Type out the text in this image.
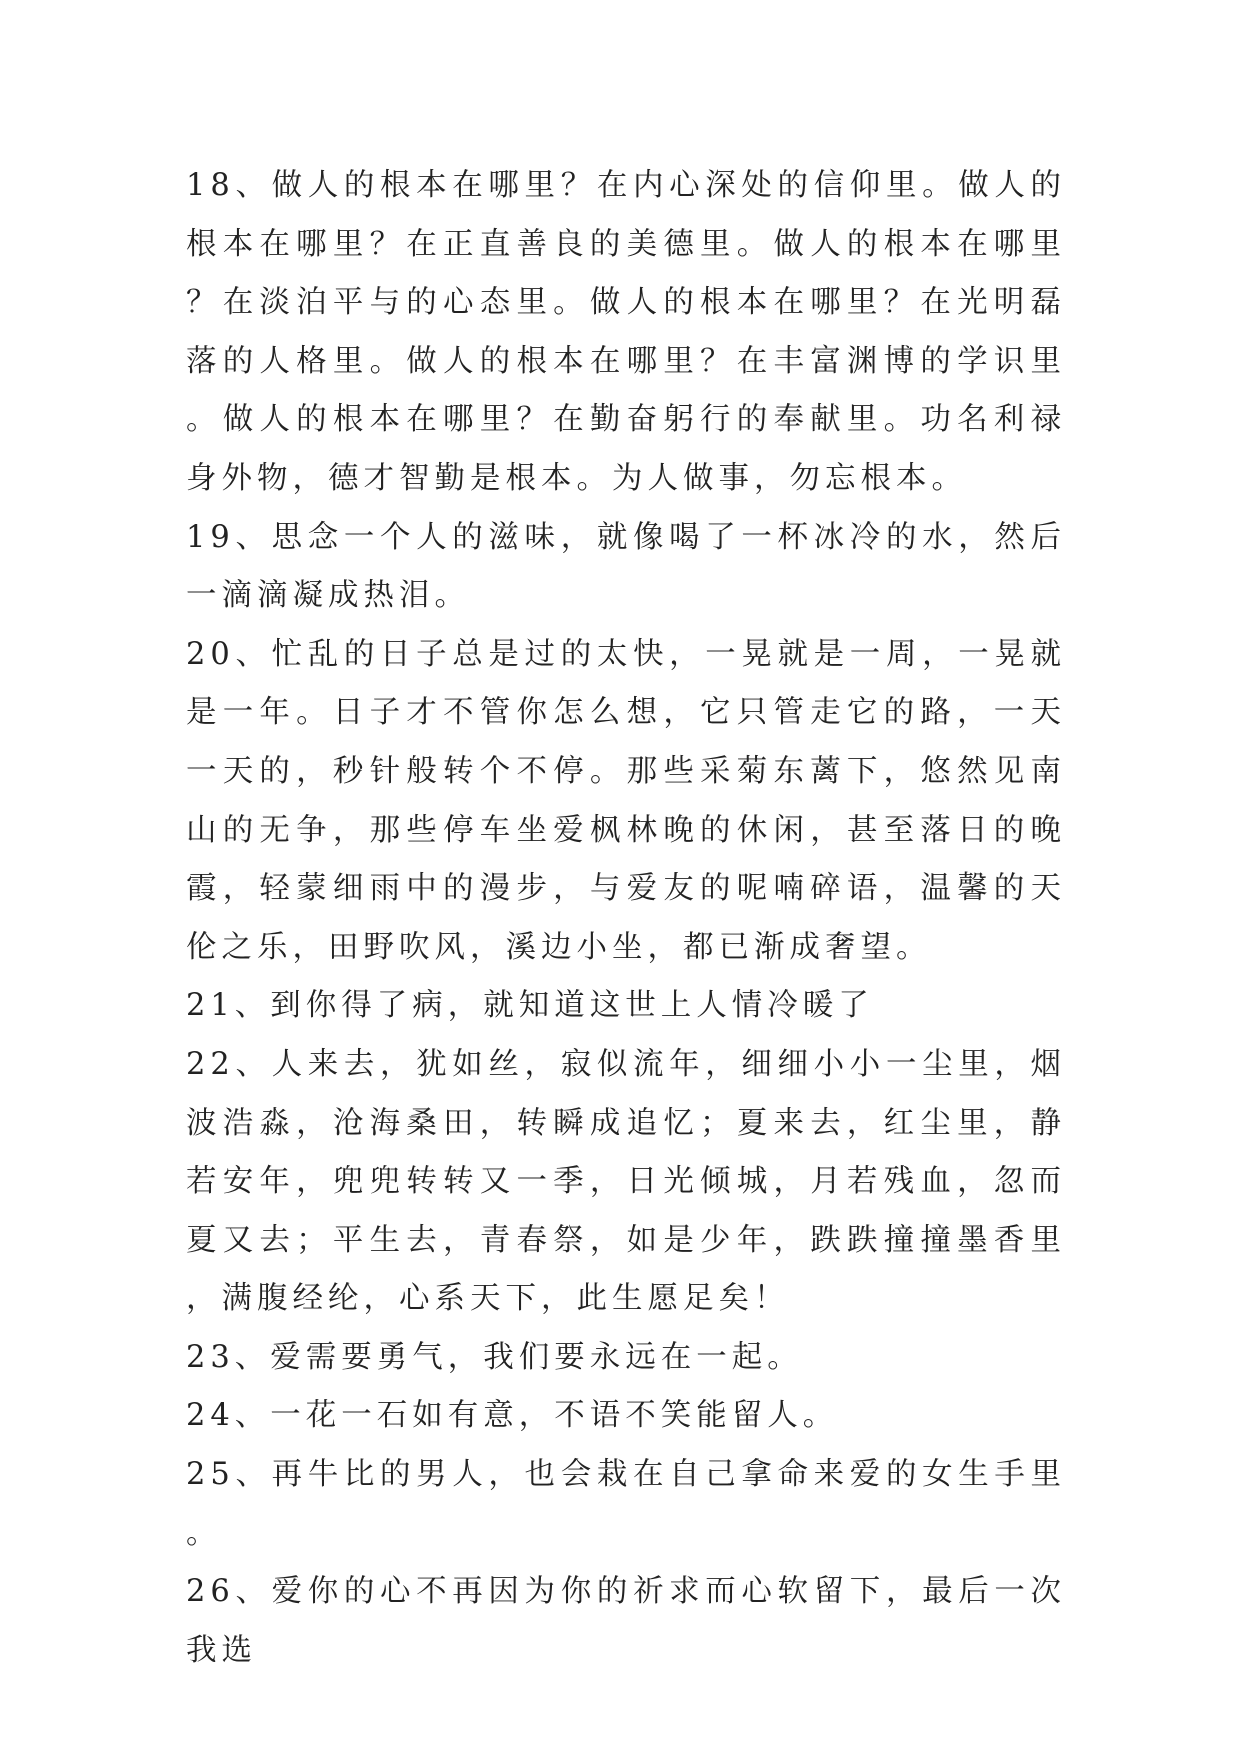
18、做人的根本在哪里？在内心深处的信仰里。做人的根本在哪里？在正直善良的美德里。做人的根本在哪里？在淡泊平与的心态里。做人的根本在哪里？在光明磊落的人格里。做人的根本在哪里？在丰富渊博的学识里。做人的根本在哪里？在勤奋躬行的奉献里。功名利禄身外物，德才智勤是根本。为人做事，勿忘根本。

19、思念一个人的滋味，就像喝了一杯冰冷的水，然后一滴滴凝成热泪。

20、忙乱的日子总是过的太快，一晃就是一周，一晃就是一年。日子才不管你怎么想，它只管走它的路，一天一天的，秒针般转个不停。那些采菊东蓠下，悠然见南山的无争，那些停车坐爱枫林晚的休闲，甚至落日的晚霞，轻蒙细雨中的漫步，与爱友的呢喃碎语，温馨的天伦之乐，田野吹风，溪边小坐，都已渐成奢望。

21、到你得了病，就知道这世上人情冷暖了

22、人来去，犹如丝，寂似流年，细细小小一尘里，烟波浩淼，沧海桑田，转瞬成追忆；夏来去，红尘里，静若安年，兜兜转转又一季，日光倾城，月若残血，忽而夏又去；平生去，青春祭，如是少年，跌跌撞撞墨香里，满腹经纶，心系天下，此生愿足矣！

23、爱需要勇气，我们要永远在一起。

24、一花一石如有意，不语不笑能留人。

25、再牛比的男人，也会栽在自己拿命来爱的女生手里。

26、爱你的心不再因为你的祈求而心软留下，最后一次我选
